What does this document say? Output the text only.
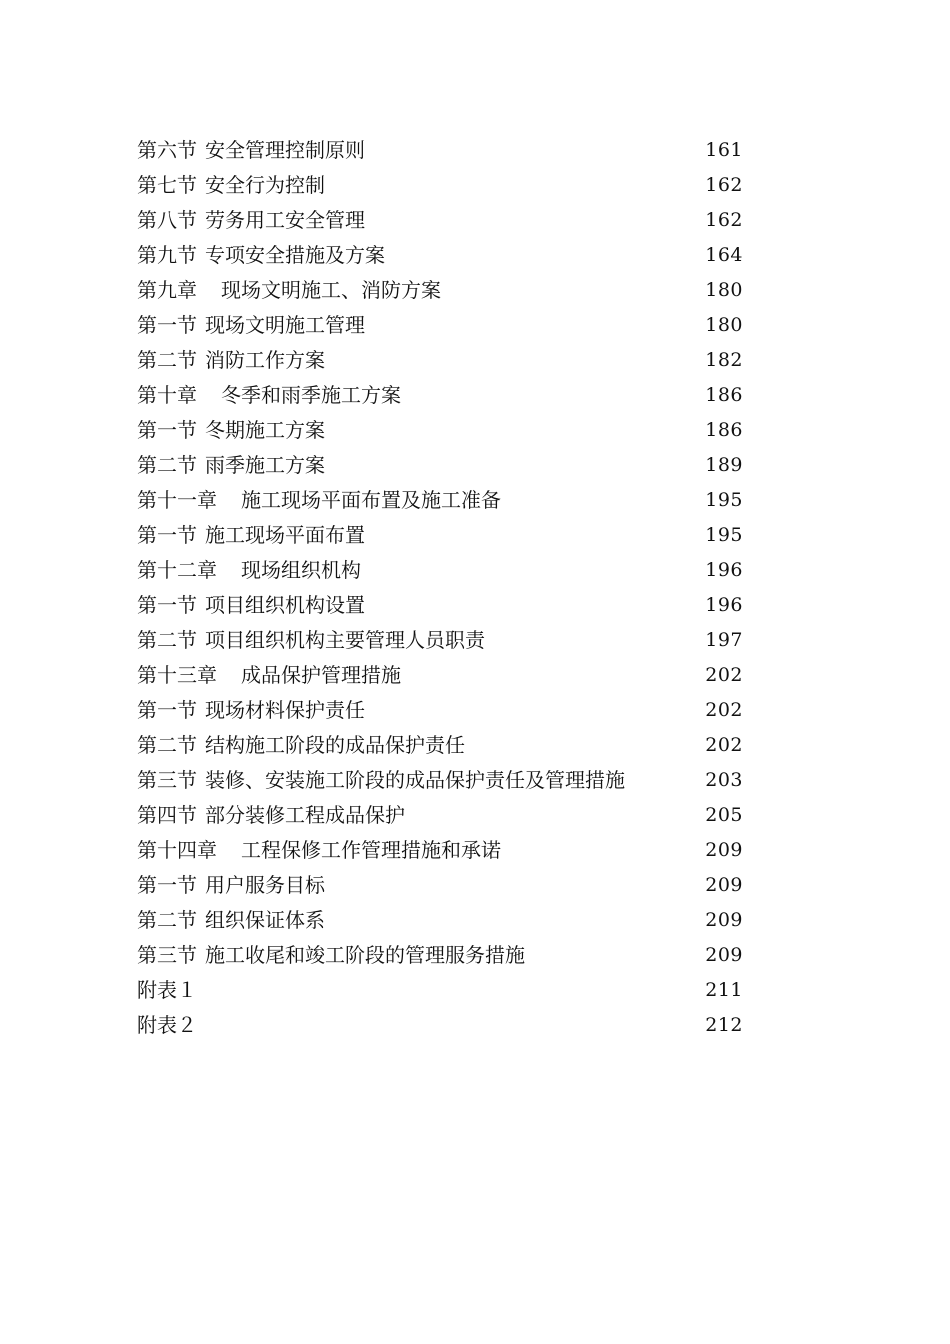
第六节 安全管理控制原则	161
第七节 安全行为控制	162
第八节 劳务用工安全管理	162
第九节 专项安全措施及方案	164
第九章 现场文明施工、消防方案	180
第一节 现场文明施工管理	180
第二节 消防工作方案	182
第十章 冬季和雨季施工方案	186
第一节 冬期施工方案	186
第二节 雨季施工方案	189
第十一章 施工现场平面布置及施工准备	195
第一节 施工现场平面布置	195
第十二章 现场组织机构	196
第一节 项目组织机构设置	196
第二节 项目组织机构主要管理人员职责	197
第十三章 成品保护管理措施	202
第一节 现场材料保护责任	202
第二节 结构施工阶段的成品保护责任	202
第三节 装修、安装施工阶段的成品保护责任及管理措施	203
第四节 部分装修工程成品保护	205
第十四章 工程保修工作管理措施和承诺	209
第一节 用户服务目标	209
第二节 组织保证体系	209
第三节 施工收尾和竣工阶段的管理服务措施	209
附表１	211
附表２	212
